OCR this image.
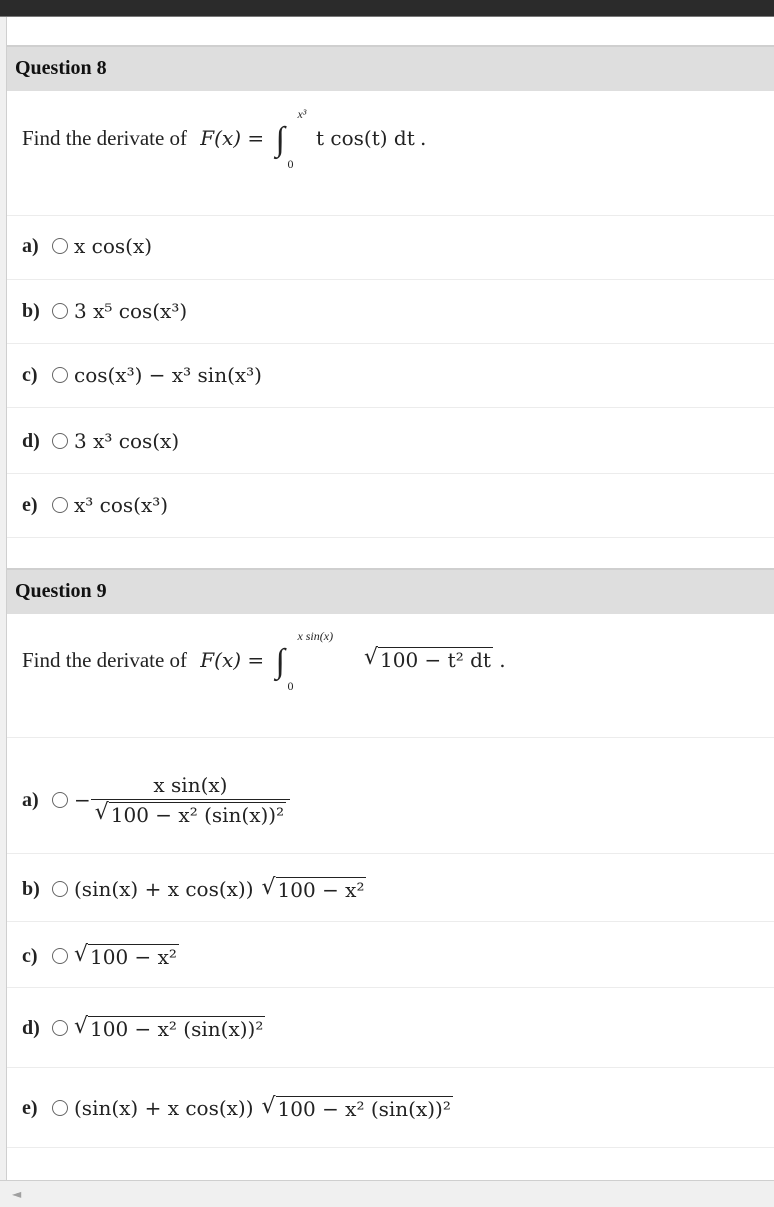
Question 8
Find the derivate of F(x) = ∫
x³
0
t cos(t) dt .
a)	x cos(x)
b)	3 x⁵ cos(x³)
c)	cos(x³) − x³ sin(x³)
d)	3 x³ cos(x)
e)	x³ cos(x³)
Question 9
Find the derivate of F(x) = ∫
x sin(x)
0

√ 100 − t² dt .
a)	− $\frac{\text{x sin(x)}}{\text{√ 100 − x² (sin(x))²}}$
b)	(sin(x) + x cos(x)) √ 100 − x²
c)	√ 100 − x²
d)	√ 100 − x² (sin(x))²
e)	(sin(x) + x cos(x)) √ 100 − x² (sin(x))²
◄
